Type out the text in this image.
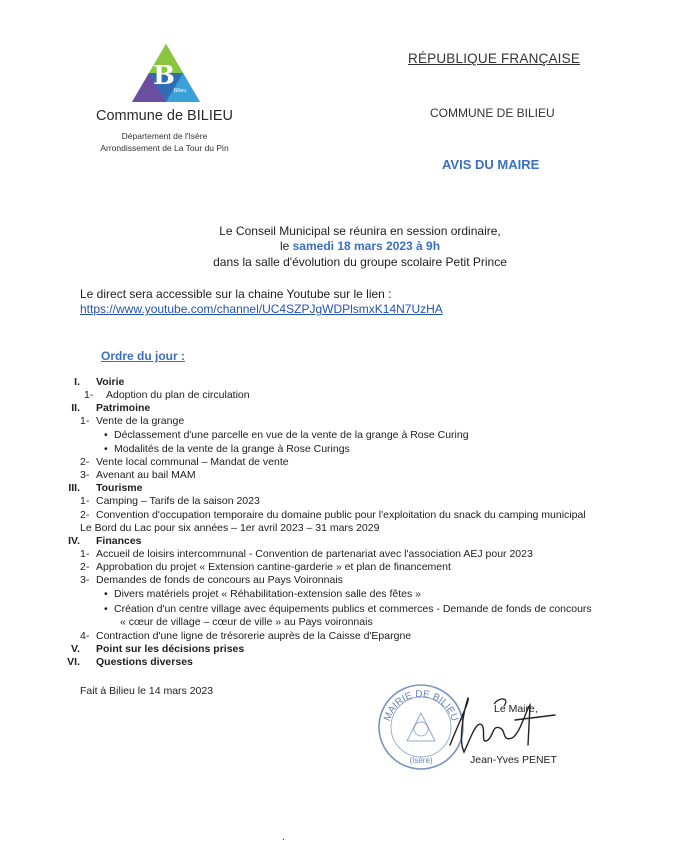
B
Bilieu
Commune de BILIEU
Département de l'Isère
Arrondissement de La Tour du Pin
RÉPUBLIQUE FRANÇAISE
COMMUNE DE BILIEU
AVIS DU MAIRE
Le Conseil Municipal se réunira en session ordinaire,
le samedi 18 mars 2023 à 9h
dans la salle d'évolution du groupe scolaire Petit Prince
Le direct sera accessible sur la chaine Youtube sur le lien :
https://www.youtube.com/channel/UC4SZPJgWDPlsmxK14N7UzHA
Ordre du jour :
I. Voirie
1- Adoption du plan de circulation
II. Patrimoine
1- Vente de la grange
• Déclassement d'une parcelle en vue de la vente de la grange à Rose Curing
• Modalités de la vente de la grange à Rose Curings
2- Vente local communal – Mandat de vente
3- Avenant au bail MAM
III. Tourisme
1- Camping – Tarifs de la saison 2023
2- Convention d'occupation temporaire du domaine public pour l'exploitation du snack du camping municipal
Le Bord du Lac pour six années – 1er avril 2023 – 31 mars 2029
IV. Finances
1- Accueil de loisirs intercommunal - Convention de partenariat avec l'association AEJ pour 2023
2- Approbation du projet « Extension cantine-garderie » et plan de financement
3- Demandes de fonds de concours au Pays Voironnais
• Divers matériels projet « Réhabilitation-extension salle des fêtes »
• Création d'un centre village avec équipements publics et commerces - Demande de fonds de concours
« cœur de village – cœur de ville » au Pays voironnais
4- Contraction d'une ligne de trésorerie auprès de la Caisse d'Epargne
V. Point sur les décisions prises
VI. Questions diverses
Fait à Bilieu le 14 mars 2023
MAIRIE DE BILIEU
(Isère)
Le Maire,
Jean-Yves PENET
.
